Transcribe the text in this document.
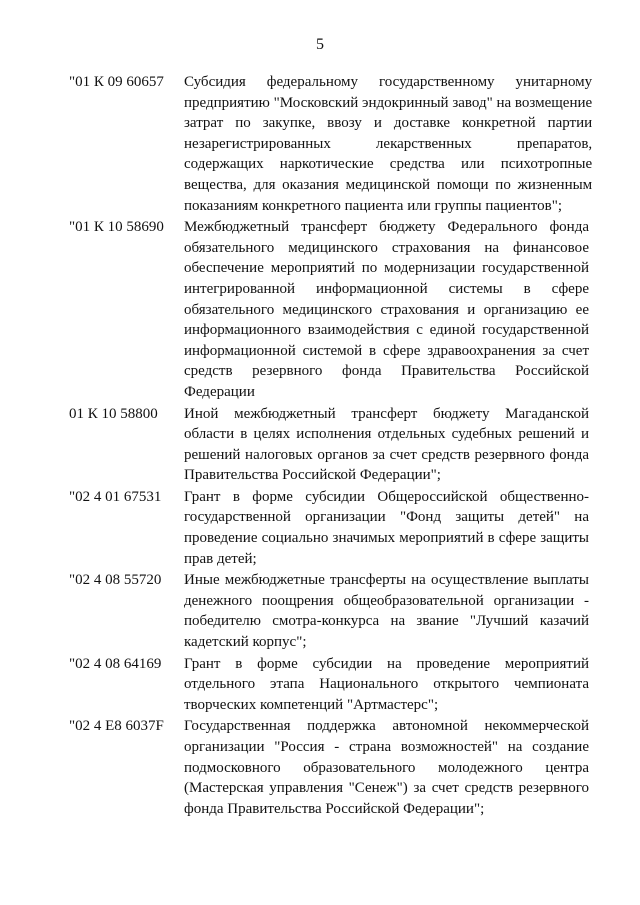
5
"01 К 09 60657	Субсидия федеральному государственному унитарному
предприятию "Московский эндокринный завод" на возмещение
затрат по закупке, ввозу и доставке конкретной партии
незарегистрированных лекарственных препаратов,
содержащих наркотические средства или психотропные
вещества, для оказания медицинской помощи по жизненным
показаниям конкретного пациента или группы пациентов";
"01 К 10 58690	Межбюджетный трансферт бюджету Федерального фонда
обязательного медицинского страхования на финансовое
обеспечение мероприятий по модернизации государственной
интегрированной информационной системы в сфере
обязательного медицинского страхования и организацию ее
информационного взаимодействия с единой государственной
информационной системой в сфере здравоохранения за счет
средств резервного фонда Правительства Российской
Федерации
01 К 10 58800	Иной межбюджетный трансферт бюджету Магаданской
области в целях исполнения отдельных судебных решений и
решений налоговых органов за счет средств резервного фонда
Правительства Российской Федерации";
"02 4 01 67531	Грант в форме субсидии Общероссийской общественно-
государственной организации "Фонд защиты детей" на
проведение социально значимых мероприятий в сфере защиты
прав детей;
"02 4 08 55720	Иные межбюджетные трансферты на осуществление выплаты
денежного поощрения общеобразовательной организации -
победителю смотра-конкурса на звание "Лучший казачий
кадетский корпус";
"02 4 08 64169	Грант в форме субсидии на проведение мероприятий
отдельного этапа Национального открытого чемпионата
творческих компетенций "Артмастерс";
"02 4 Е8 6037F	Государственная поддержка автономной некоммерческой
организации "Россия - страна возможностей" на создание
подмосковного образовательного молодежного центра
(Мастерская управления "Сенеж") за счет средств резервного
фонда Правительства Российской Федерации";
